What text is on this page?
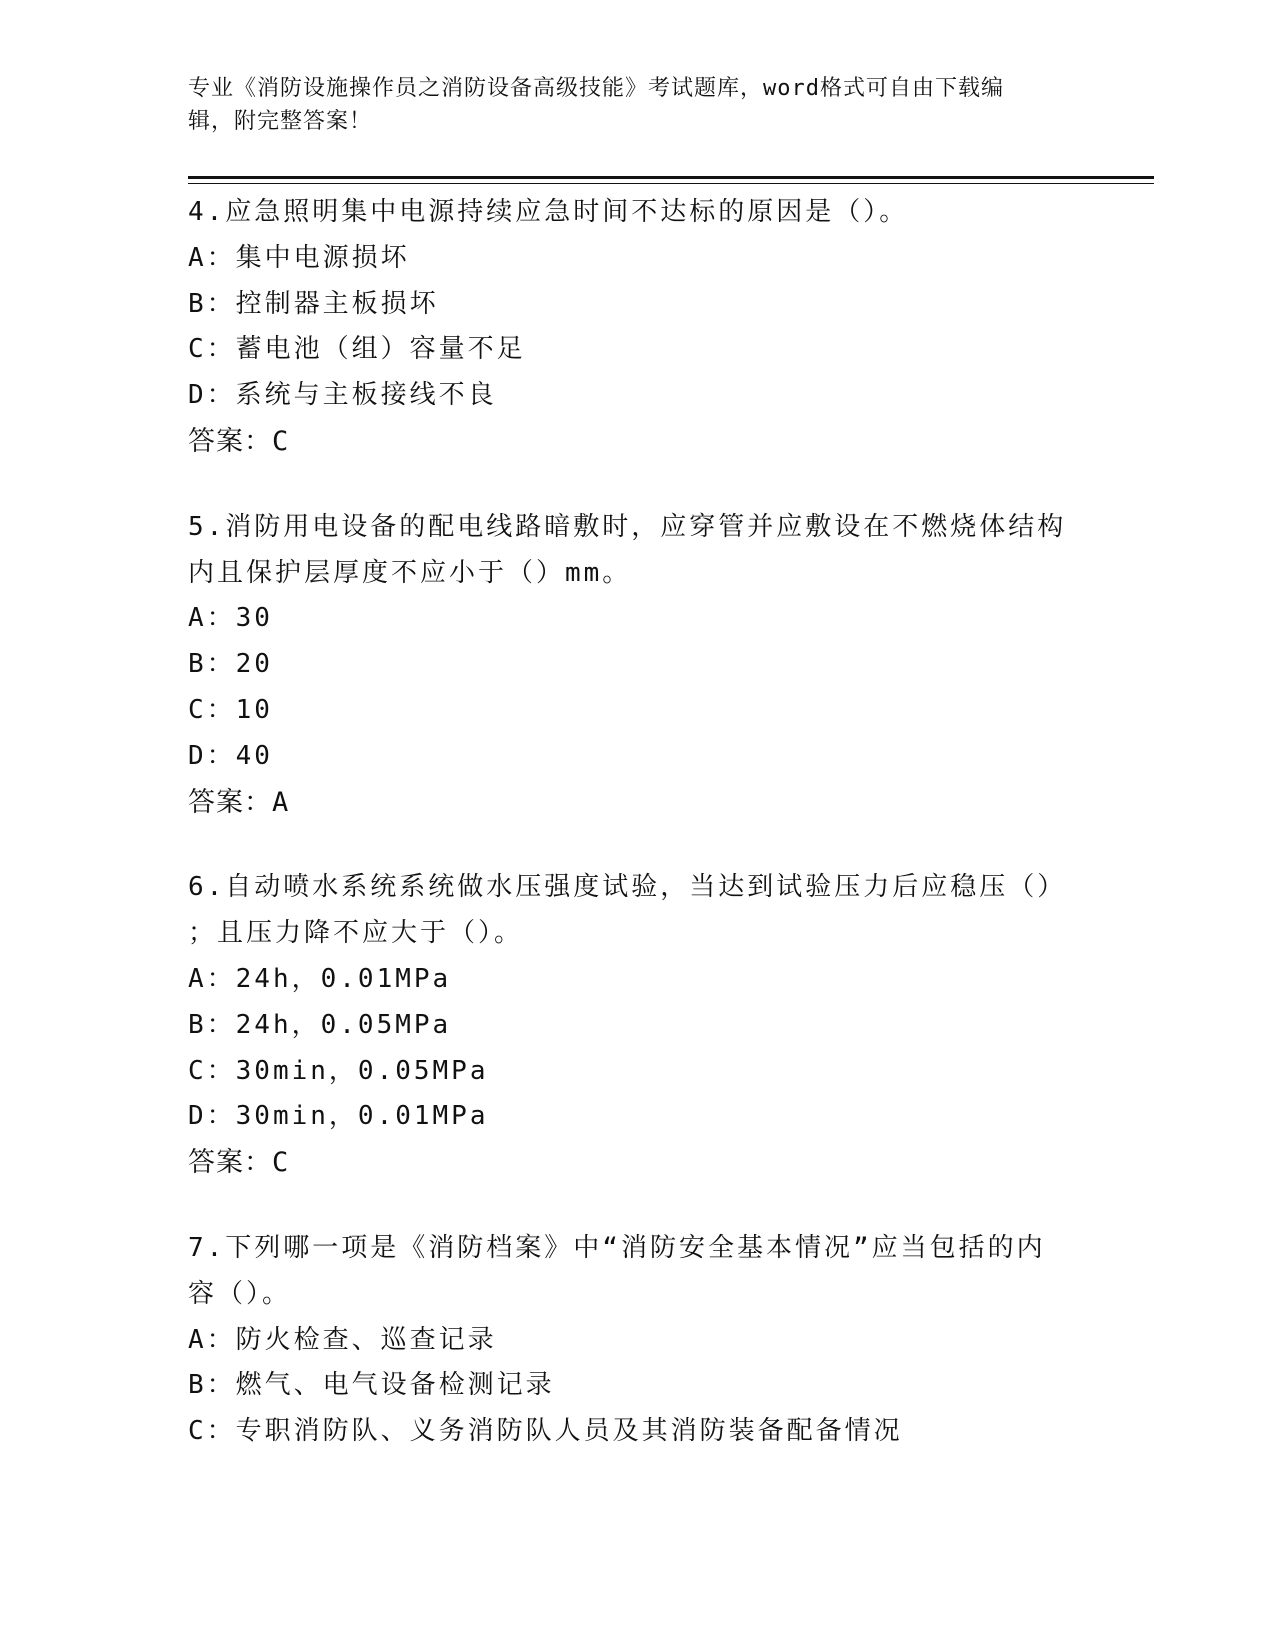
专业《消防设施操作员之消防设备高级技能》考试题库，word格式可自由下载编
辑，附完整答案！
4.应急照明集中电源持续应急时间不达标的原因是（）。
A：集中电源损坏
B：控制器主板损坏
C：蓄电池（组）容量不足
D：系统与主板接线不良
答案：C
5.消防用电设备的配电线路暗敷时，应穿管并应敷设在不燃烧体结构
内且保护层厚度不应小于（）mm。
A：30
B：20
C：10
D：40
答案：A
6.自动喷水系统系统做水压强度试验，当达到试验压力后应稳压（）
；且压力降不应大于（）。
A：24h，0.01MPa
B：24h，0.05MPa
C：30min，0.05MPa
D：30min，0.01MPa
答案：C
7.下列哪一项是《消防档案》中“消防安全基本情况”应当包括的内
容（）。
A：防火检查、巡查记录
B：燃气、电气设备检测记录
C：专职消防队、义务消防队人员及其消防装备配备情况
